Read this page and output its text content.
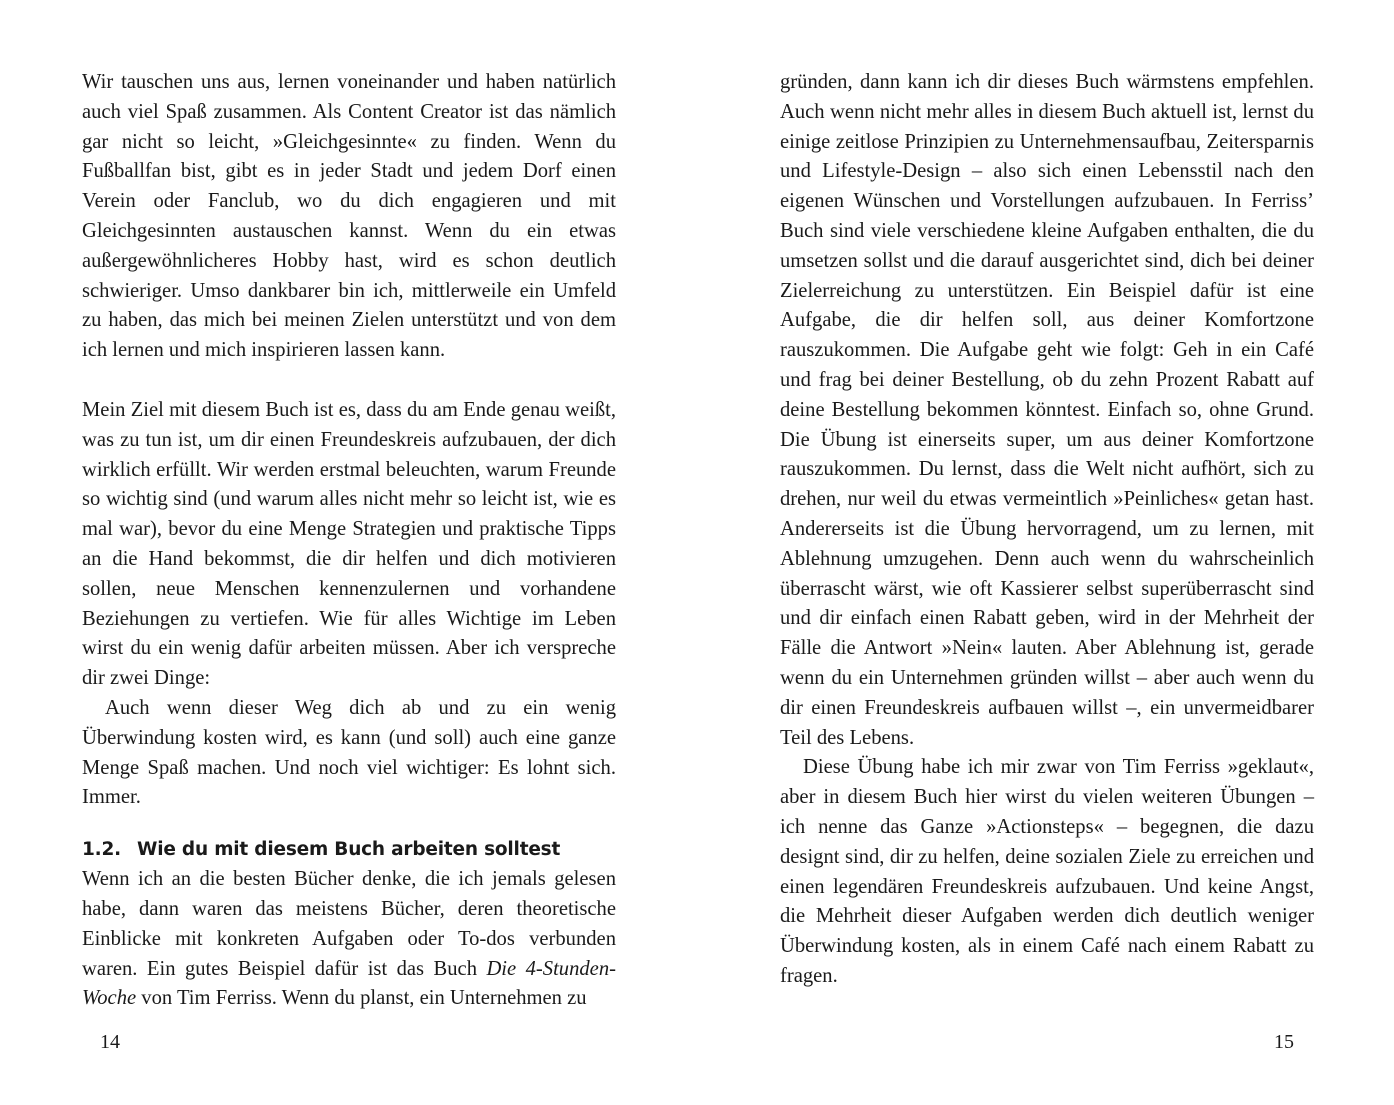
Wir tauschen uns aus, lernen voneinander und haben natürlich auch viel Spaß zusammen. Als Content Creator ist das nämlich gar nicht so leicht, »Gleichgesinnte« zu finden. Wenn du Fußballfan bist, gibt es in jeder Stadt und jedem Dorf einen Verein oder Fanclub, wo du dich engagieren und mit Gleichgesinnten austauschen kannst. Wenn du ein etwas außergewöhnlicheres Hobby hast, wird es schon deutlich schwieriger. Umso dankbarer bin ich, mittlerweile ein Umfeld zu haben, das mich bei meinen Zielen unterstützt und von dem ich lernen und mich inspirieren lassen kann.

Mein Ziel mit diesem Buch ist es, dass du am Ende genau weißt, was zu tun ist, um dir einen Freundeskreis aufzubauen, der dich wirklich erfüllt. Wir werden erstmal beleuchten, warum Freunde so wichtig sind (und warum alles nicht mehr so leicht ist, wie es mal war), bevor du eine Menge Strategien und praktische Tipps an die Hand bekommst, die dir helfen und dich motivieren sollen, neue Menschen kennenzulernen und vorhandene Beziehungen zu vertiefen. Wie für alles Wichtige im Leben wirst du ein wenig dafür arbeiten müssen. Aber ich verspreche dir zwei Dinge:

Auch wenn dieser Weg dich ab und zu ein wenig Überwindung kosten wird, es kann (und soll) auch eine ganze Menge Spaß machen. Und noch viel wichtiger: Es lohnt sich. Immer.

1.2. Wie du mit diesem Buch arbeiten solltest

Wenn ich an die besten Bücher denke, die ich jemals gelesen habe, dann waren das meistens Bücher, deren theoretische Einblicke mit konkreten Aufgaben oder To-dos verbunden waren. Ein gutes Beispiel dafür ist das Buch Die 4-Stunden-Woche von Tim Ferriss. Wenn du planst, ein Unternehmen zu

gründen, dann kann ich dir dieses Buch wärmstens empfehlen. Auch wenn nicht mehr alles in diesem Buch aktuell ist, lernst du einige zeitlose Prinzipien zu Unternehmensaufbau, Zeitersparnis und Lifestyle-Design – also sich einen Lebensstil nach den eigenen Wünschen und Vorstellungen aufzubauen. In Ferriss’ Buch sind viele verschiedene kleine Aufgaben enthalten, die du umsetzen sollst und die darauf ausgerichtet sind, dich bei deiner Zielerreichung zu unterstützen. Ein Beispiel dafür ist eine Aufgabe, die dir helfen soll, aus deiner Komfortzone rauszukommen. Die Aufgabe geht wie folgt: Geh in ein Café und frag bei deiner Bestellung, ob du zehn Prozent Rabatt auf deine Bestellung bekommen könntest. Einfach so, ohne Grund. Die Übung ist einerseits super, um aus deiner Komfortzone rauszukommen. Du lernst, dass die Welt nicht aufhört, sich zu drehen, nur weil du etwas vermeintlich »Peinliches« getan hast. Andererseits ist die Übung hervorragend, um zu lernen, mit Ablehnung umzugehen. Denn auch wenn du wahrscheinlich überrascht wärst, wie oft Kassierer selbst superüberrascht sind und dir einfach einen Rabatt geben, wird in der Mehrheit der Fälle die Antwort »Nein« lauten. Aber Ablehnung ist, gerade wenn du ein Unternehmen gründen willst – aber auch wenn du dir einen Freundeskreis aufbauen willst –, ein unvermeidbarer Teil des Lebens.

Diese Übung habe ich mir zwar von Tim Ferriss »geklaut«, aber in diesem Buch hier wirst du vielen weiteren Übungen – ich nenne das Ganze »Actionsteps« – begegnen, die dazu designt sind, dir zu helfen, deine sozialen Ziele zu erreichen und einen legendären Freundeskreis aufzubauen. Und keine Angst, die Mehrheit dieser Aufgaben werden dich deutlich weniger Überwindung kosten, als in einem Café nach einem Rabatt zu fragen.

14	15
